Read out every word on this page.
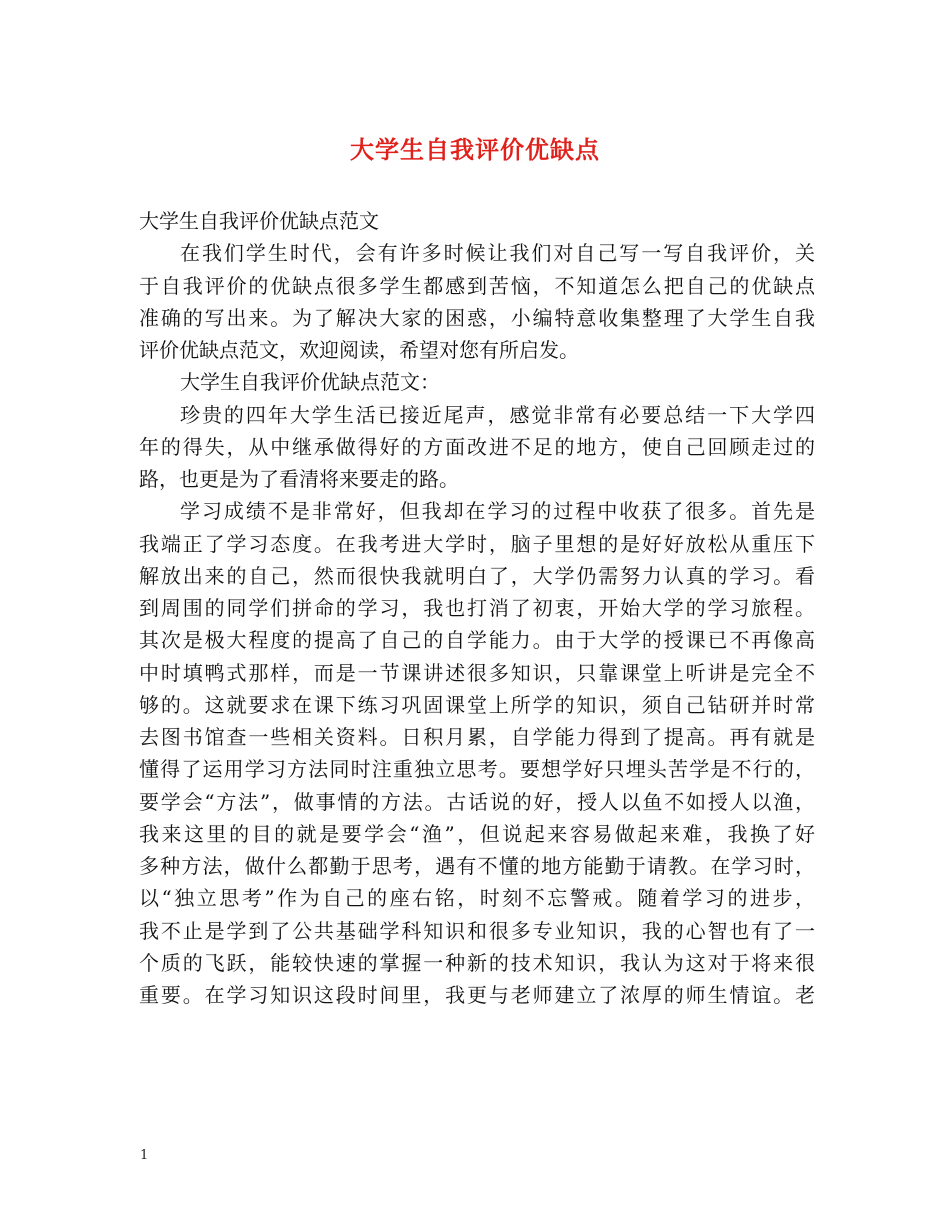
大学生自我评价优缺点
大学生自我评价优缺点范文
在我们学生时代，会有许多时候让我们对自己写一写自我评价，关
于自我评价的优缺点很多学生都感到苦恼，不知道怎么把自己的优缺点
准确的写出来。为了解决大家的困惑，小编特意收集整理了大学生自我
评价优缺点范文，欢迎阅读，希望对您有所启发。
大学生自我评价优缺点范文：
珍贵的四年大学生活已接近尾声，感觉非常有必要总结一下大学四
年的得失，从中继承做得好的方面改进不足的地方，使自己回顾走过的
路，也更是为了看清将来要走的路。
学习成绩不是非常好，但我却在学习的过程中收获了很多。首先是
我端正了学习态度。在我考进大学时，脑子里想的是好好放松从重压下
解放出来的自己，然而很快我就明白了，大学仍需努力认真的学习。看
到周围的同学们拼命的学习，我也打消了初衷，开始大学的学习旅程。
其次是极大程度的提高了自己的自学能力。由于大学的授课已不再像高
中时填鸭式那样，而是一节课讲述很多知识，只靠课堂上听讲是完全不
够的。这就要求在课下练习巩固课堂上所学的知识，须自己钻研并时常
去图书馆查一些相关资料。日积月累，自学能力得到了提高。再有就是
懂得了运用学习方法同时注重独立思考。要想学好只埋头苦学是不行的，
要学会“方法”，做事情的方法。古话说的好，授人以鱼不如授人以渔，
我来这里的目的就是要学会“渔”，但说起来容易做起来难，我换了好
多种方法，做什么都勤于思考，遇有不懂的地方能勤于请教。在学习时，
以“独立思考”作为自己的座右铭，时刻不忘警戒。随着学习的进步，
我不止是学到了公共基础学科知识和很多专业知识，我的心智也有了一
个质的飞跃，能较快速的掌握一种新的技术知识，我认为这对于将来很
重要。在学习知识这段时间里，我更与老师建立了浓厚的师生情谊。老
1
